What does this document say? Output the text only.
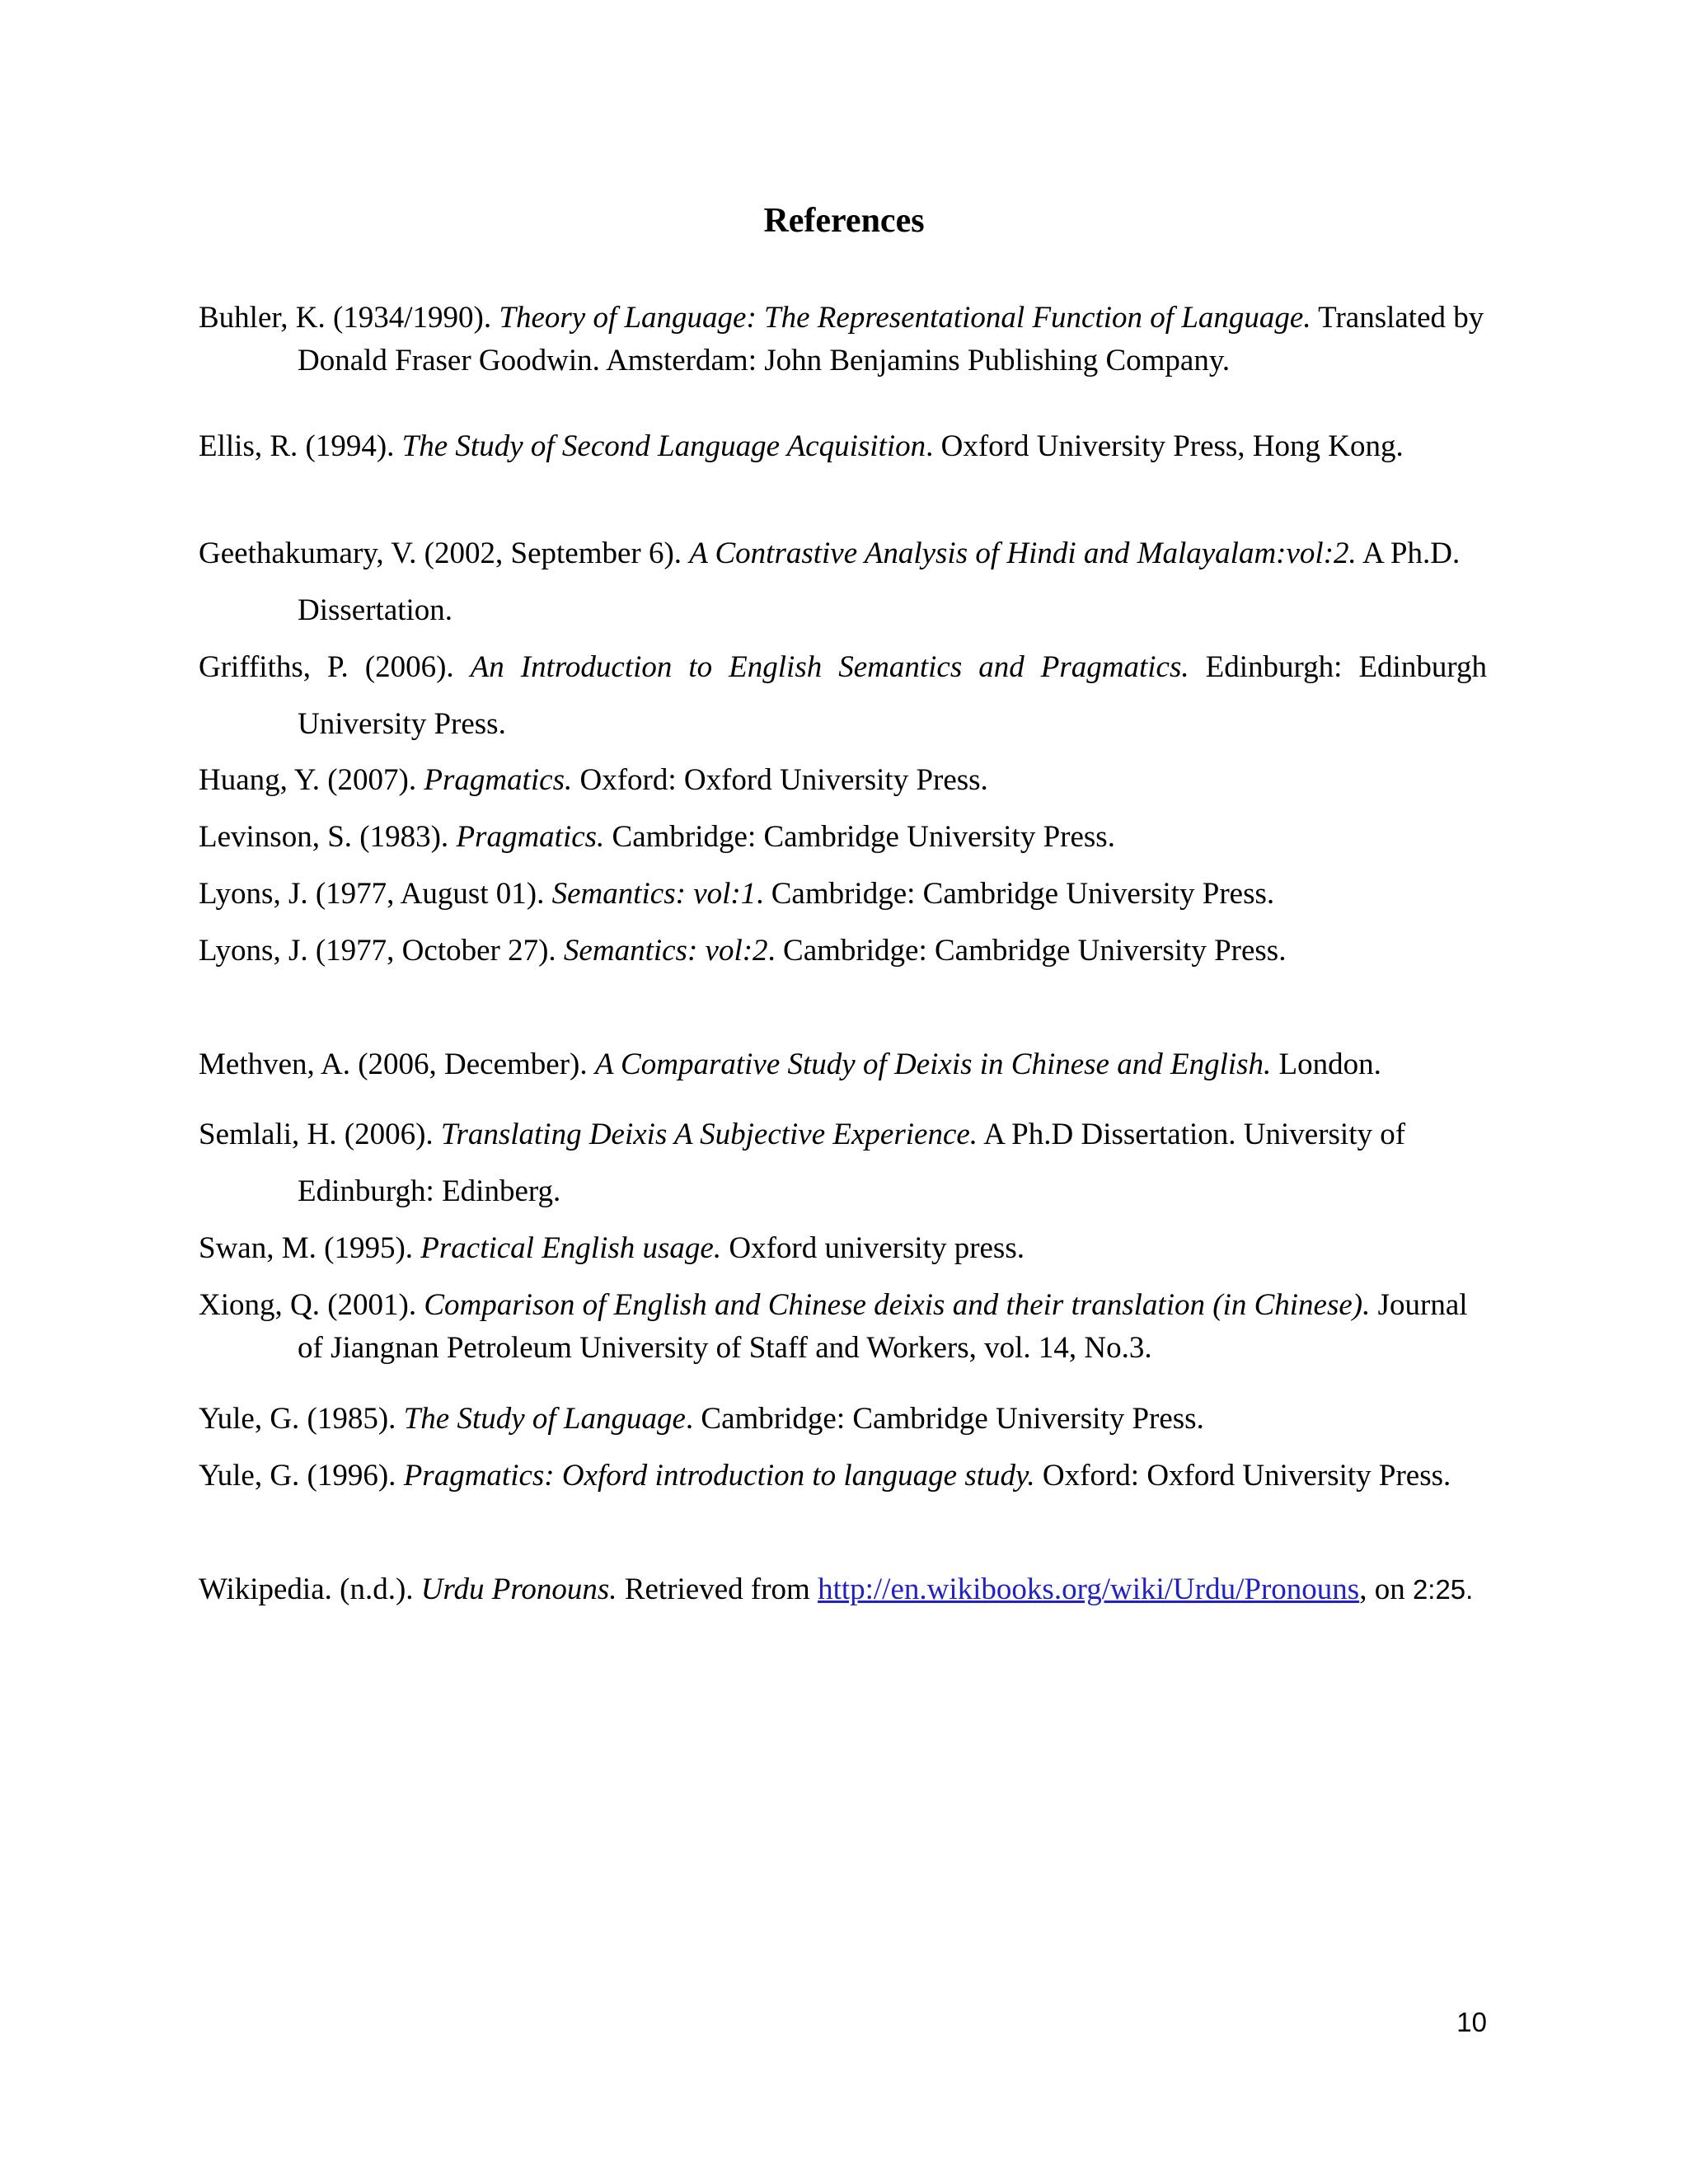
References
Buhler, K. (1934/1990). Theory of Language: The Representational Function of Language. Translated by Donald Fraser Goodwin. Amsterdam: John Benjamins Publishing Company.
Ellis, R. (1994). The Study of Second Language Acquisition. Oxford University Press, Hong Kong.
Geethakumary, V. (2002, September 6). A Contrastive Analysis of Hindi and Malayalam:vol:2. A Ph.D. Dissertation.
Griffiths, P. (2006). An Introduction to English Semantics and Pragmatics. Edinburgh: Edinburgh University Press.
Huang, Y. (2007). Pragmatics. Oxford: Oxford University Press.
Levinson, S. (1983). Pragmatics. Cambridge: Cambridge University Press.
Lyons, J. (1977, August 01). Semantics: vol:1. Cambridge: Cambridge University Press.
Lyons, J. (1977, October 27). Semantics: vol:2. Cambridge: Cambridge University Press.
Methven, A. (2006, December). A Comparative Study of Deixis in Chinese and English. London.
Semlali, H. (2006). Translating Deixis A Subjective Experience. A Ph.D Dissertation. University of Edinburgh: Edinberg.
Swan, M. (1995). Practical English usage. Oxford university press.
Xiong, Q. (2001). Comparison of English and Chinese deixis and their translation (in Chinese). Journal of Jiangnan Petroleum University of Staff and Workers, vol. 14, No.3.
Yule, G. (1985). The Study of Language. Cambridge: Cambridge University Press.
Yule, G. (1996). Pragmatics: Oxford introduction to language study. Oxford: Oxford University Press.
Wikipedia. (n.d.). Urdu Pronouns. Retrieved from http://en.wikibooks.org/wiki/Urdu/Pronouns, on 2:25.
10
